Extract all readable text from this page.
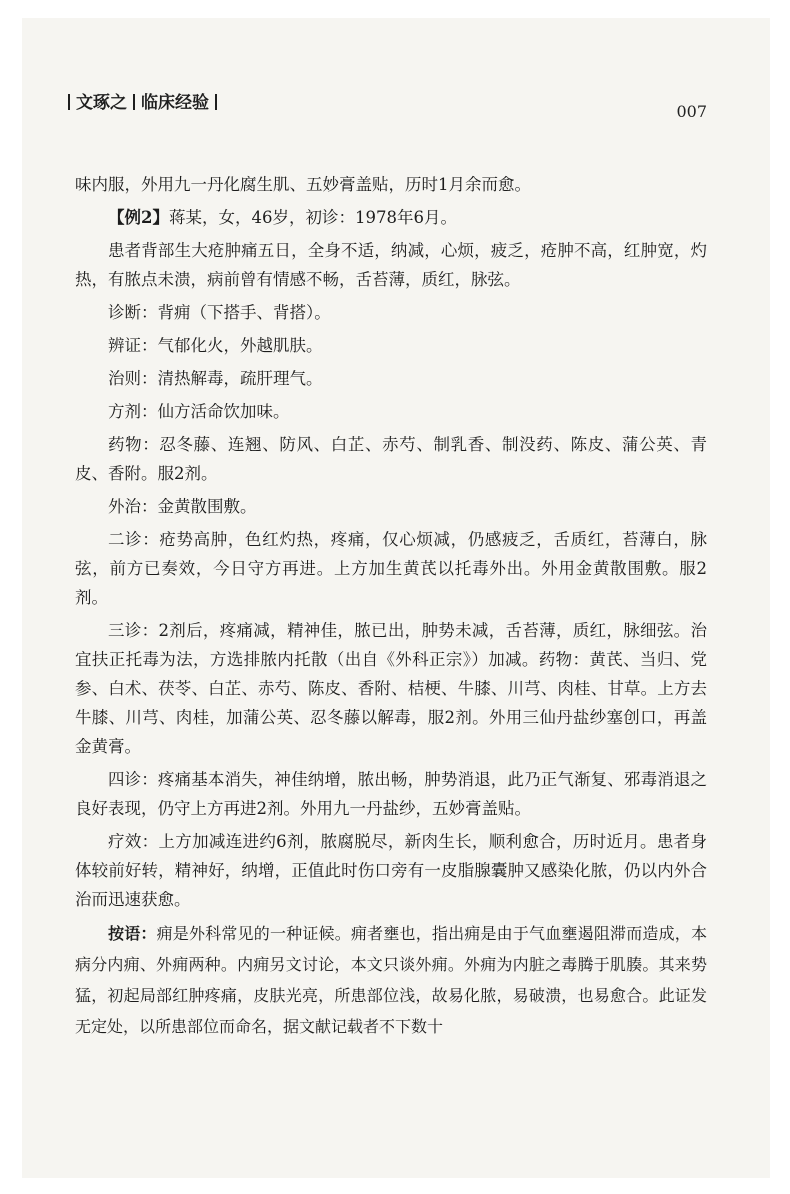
文琢之 临床经验	007

味内服，外用九一丹化腐生肌、五妙膏盖贴，历时1月余而愈。

【例2】蒋某，女，46岁，初诊：1978年6月。

患者背部生大疮肿痛五日，全身不适，纳减，心烦，疲乏，疮肿不高，红肿宽，灼热，有脓点未溃，病前曾有情感不畅，舌苔薄，质红，脉弦。

诊断：背痈（下搭手、背搭）。

辨证：气郁化火，外越肌肤。

治则：清热解毒，疏肝理气。

方剂：仙方活命饮加味。

药物：忍冬藤、连翘、防风、白芷、赤芍、制乳香、制没药、陈皮、蒲公英、青皮、香附。服2剂。

外治：金黄散围敷。

二诊：疮势高肿，色红灼热，疼痛，仅心烦减，仍感疲乏，舌质红，苔薄白，脉弦，前方已奏效，今日守方再进。上方加生黄芪以托毒外出。外用金黄散围敷。服2剂。

三诊：2剂后，疼痛减，精神佳，脓已出，肿势未减，舌苔薄，质红，脉细弦。治宜扶正托毒为法，方选排脓内托散（出自《外科正宗》）加减。药物：黄芪、当归、党参、白术、茯苓、白芷、赤芍、陈皮、香附、桔梗、牛膝、川芎、肉桂、甘草。上方去牛膝、川芎、肉桂，加蒲公英、忍冬藤以解毒，服2剂。外用三仙丹盐纱塞创口，再盖金黄膏。

四诊：疼痛基本消失，神佳纳增，脓出畅，肿势消退，此乃正气渐复、邪毒消退之良好表现，仍守上方再进2剂。外用九一丹盐纱，五妙膏盖贴。

疗效：上方加减连进约6剂，脓腐脱尽，新肉生长，顺利愈合，历时近月。患者身体较前好转，精神好，纳增，正值此时伤口旁有一皮脂腺囊肿又感染化脓，仍以内外合治而迅速获愈。

按语：痈是外科常见的一种证候。痈者壅也，指出痈是由于气血壅遏阻滞而造成，本病分内痈、外痈两种。内痈另文讨论，本文只谈外痈。外痈为内脏之毒腾于肌腠。其来势猛，初起局部红肿疼痛，皮肤光亮，所患部位浅，故易化脓，易破溃，也易愈合。此证发无定处，以所患部位而命名，据文献记载者不下数十
